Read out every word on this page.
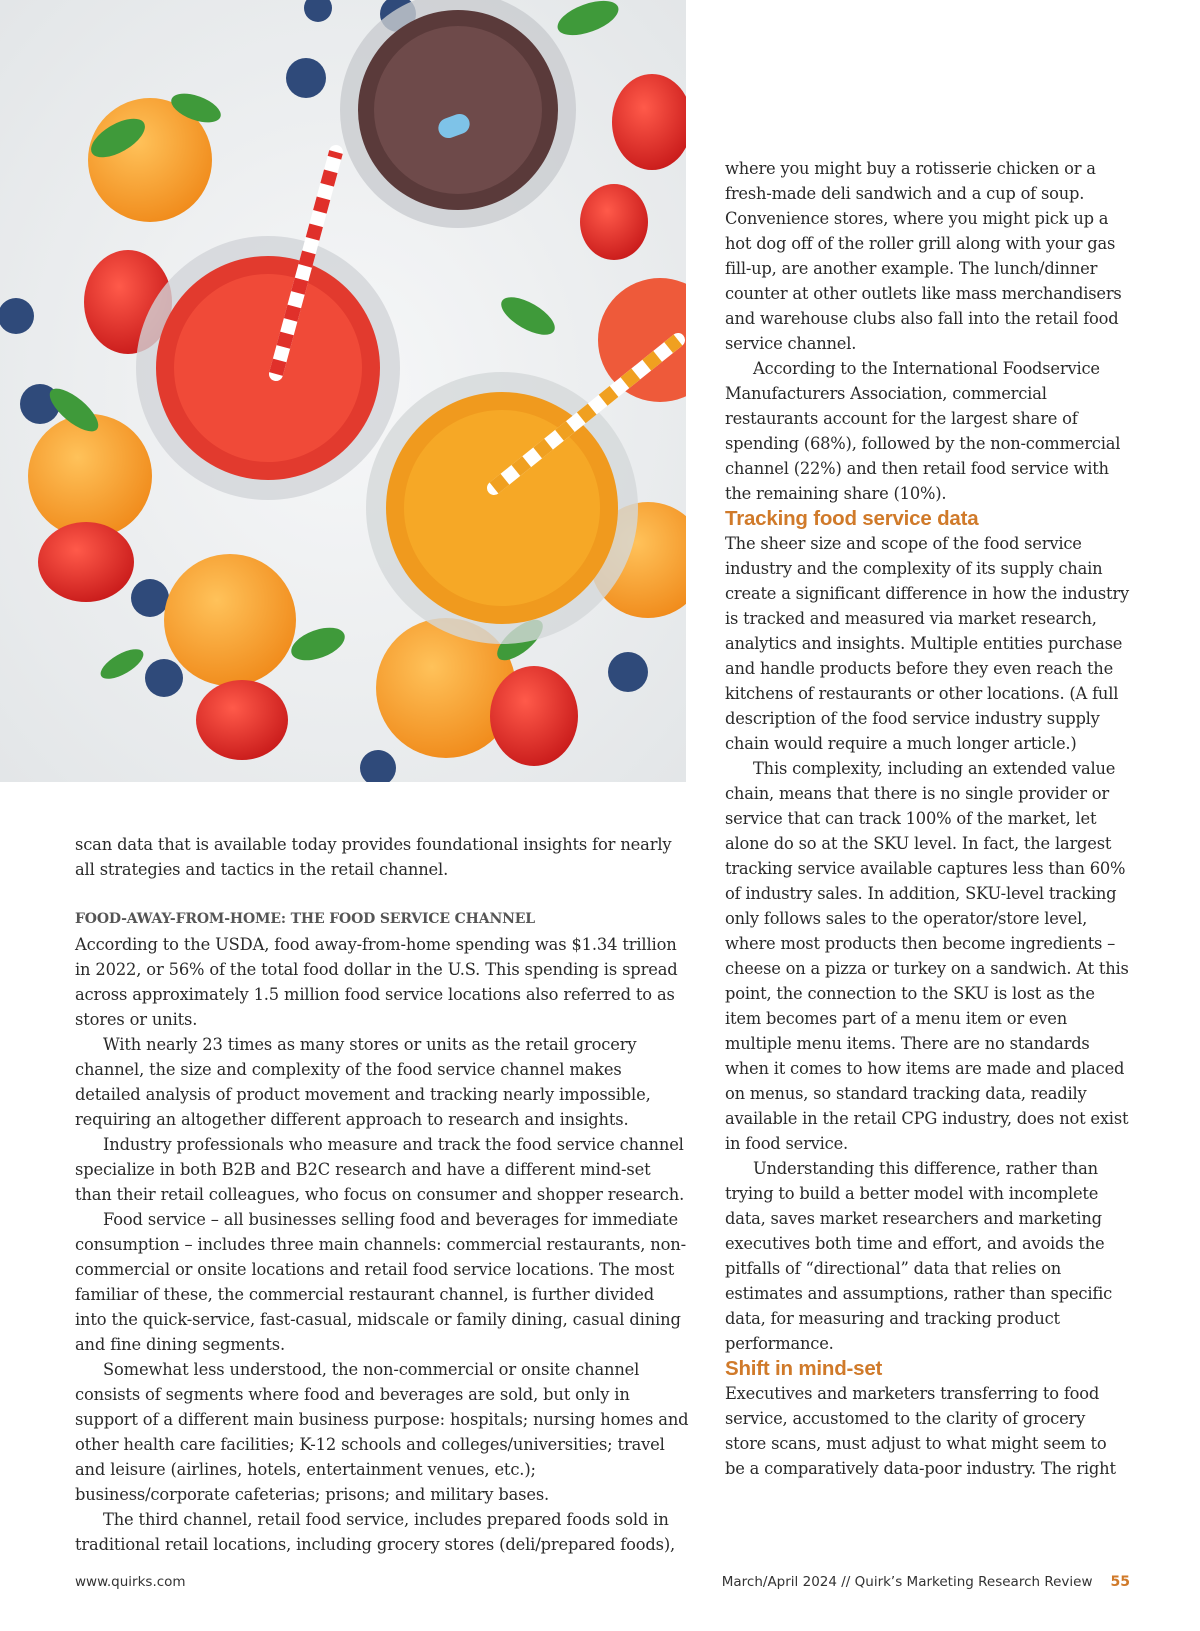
scan data that is available today provides foundational insights for nearly all strategies and tactics in the retail channel.

FOOD-AWAY-FROM-HOME: THE FOOD SERVICE CHANNEL

According to the USDA, food away-from-home spending was $1.34 trillion in 2022, or 56% of the total food dollar in the U.S. This spending is spread across approximately 1.5 million food service locations also referred to as stores or units.

With nearly 23 times as many stores or units as the retail grocery channel, the size and complexity of the food service channel makes detailed analysis of product movement and tracking nearly impossible, requiring an altogether different approach to research and insights.

Industry professionals who measure and track the food service channel specialize in both B2B and B2C research and have a different mind-set than their retail colleagues, who focus on consumer and shopper research.

Food service – all businesses selling food and beverages for immediate consumption – includes three main channels: commercial restaurants, non-commercial or onsite locations and retail food service locations. The most familiar of these, the commercial restaurant channel, is further divided into the quick-service, fast-casual, midscale or family dining, casual dining and fine dining segments.

Somewhat less understood, the non-commercial or onsite channel consists of segments where food and beverages are sold, but only in support of a different main business purpose: hospitals; nursing homes and other health care facilities; K-12 schools and colleges/universities; travel and leisure (airlines, hotels, entertainment venues, etc.); business/corporate cafeterias; prisons; and military bases.

The third channel, retail food service, includes prepared foods sold in traditional retail locations, including grocery stores (deli/prepared foods),

where you might buy a rotisserie chicken or a fresh-made deli sandwich and a cup of soup. Convenience stores, where you might pick up a hot dog off of the roller grill along with your gas fill-up, are another example. The lunch/dinner counter at other outlets like mass merchandisers and warehouse clubs also fall into the retail food service channel.

According to the International Foodservice Manufacturers Association, commercial restaurants account for the largest share of spending (68%), followed by the non-commercial channel (22%) and then retail food service with the remaining share (10%).

Tracking food service data

The sheer size and scope of the food service industry and the complexity of its supply chain create a significant difference in how the industry is tracked and measured via market research, analytics and insights. Multiple entities purchase and handle products before they even reach the kitchens of restaurants or other locations. (A full description of the food service industry supply chain would require a much longer article.)

This complexity, including an extended value chain, means that there is no single provider or service that can track 100% of the market, let alone do so at the SKU level. In fact, the largest tracking service available captures less than 60% of industry sales. In addition, SKU-level tracking only follows sales to the operator/store level, where most products then become ingredients – cheese on a pizza or turkey on a sandwich. At this point, the connection to the SKU is lost as the item becomes part of a menu item or even multiple menu items. There are no standards when it comes to how items are made and placed on menus, so standard tracking data, readily available in the retail CPG industry, does not exist in food service.

Understanding this difference, rather than trying to build a better model with incomplete data, saves market researchers and marketing executives both time and effort, and avoids the pitfalls of “directional” data that relies on estimates and assumptions, rather than specific data, for measuring and tracking product performance.

Shift in mind-set

Executives and marketers transferring to food service, accustomed to the clarity of grocery store scans, must adjust to what might seem to be a comparatively data-poor industry. The right

www.quirks.com	March/April 2024 // Quirk’s Marketing Research Review 55
